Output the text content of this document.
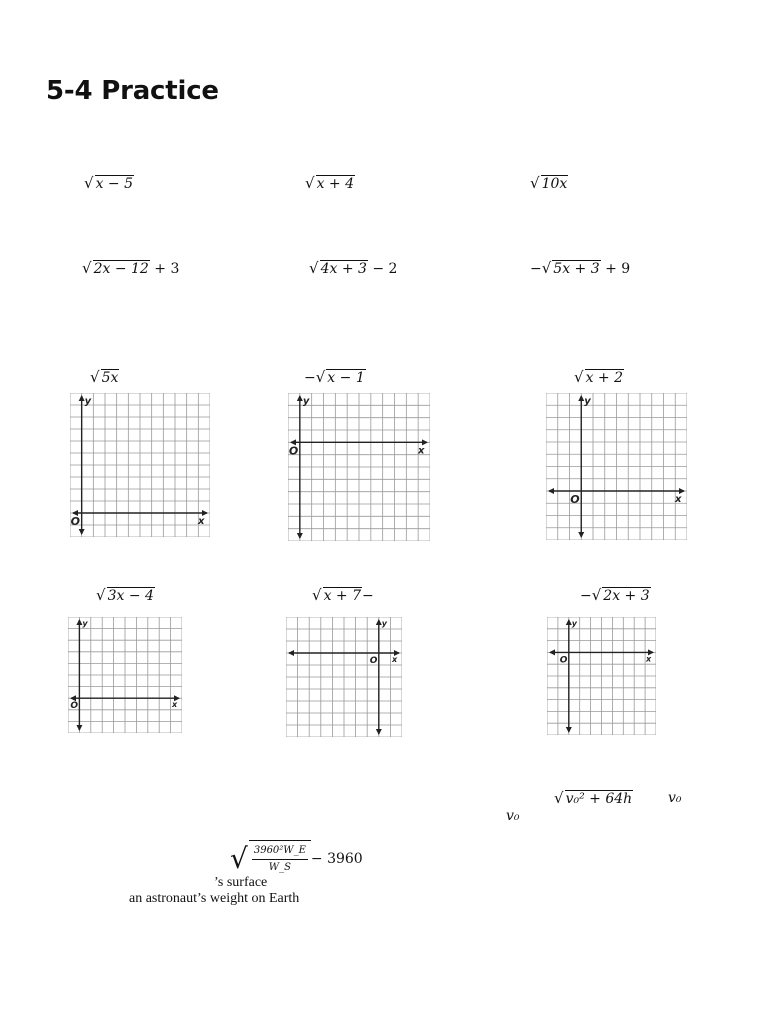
5-4 Practice
√ x − 5	√ x + 4	√ 10x
√ 2x − 12 + 3	√ 4x + 3 − 2	− √ 5x + 3 + 9
√ 5x	− √ x − 1	√ x + 2
√ 3x − 4	√ x + 7 −	− √ 2x + 3
y
x
O
y
x
O
y
x
O
y
x
O
y
x
O
y
x
O
√ v₀² + 64h	v₀
v₀
√ $\frac{\text{3960²W\_E}}{W\_S} - 3960$
’s surface
an astronaut’s weight on Earth
